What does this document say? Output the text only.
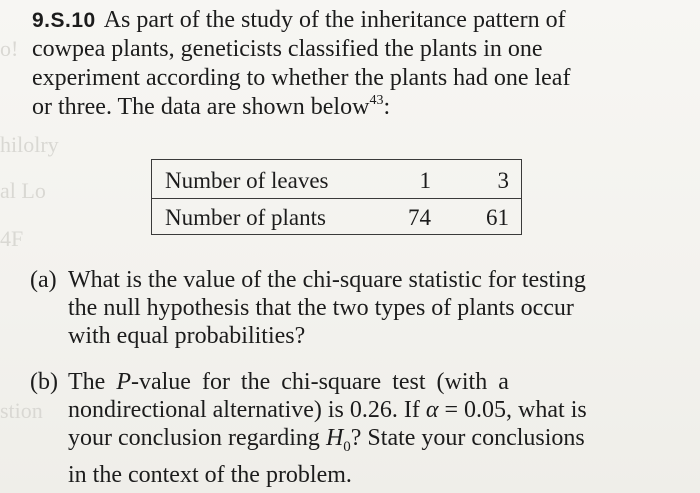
o!
hilolry
al Lo
4F
stion
9.S.10 As part of the study of the inheritance pattern of
cowpea plants, geneticists classified the plants in one
experiment according to whether the plants had one leaf
or three. The data are shown below$^{43}$:
Number of leaves	1	3
Number of plants	74 61
(a) What is the value of the chi-square statistic for testing
the null hypothesis that the two types of plants occur
with equal probabilities?
(b) The P-value for the chi-square test (with a
nondirectional alternative) is 0.26. If α = 0.05, what is
your conclusion regarding $H_0$? State your conclusions
in the context of the problem.
